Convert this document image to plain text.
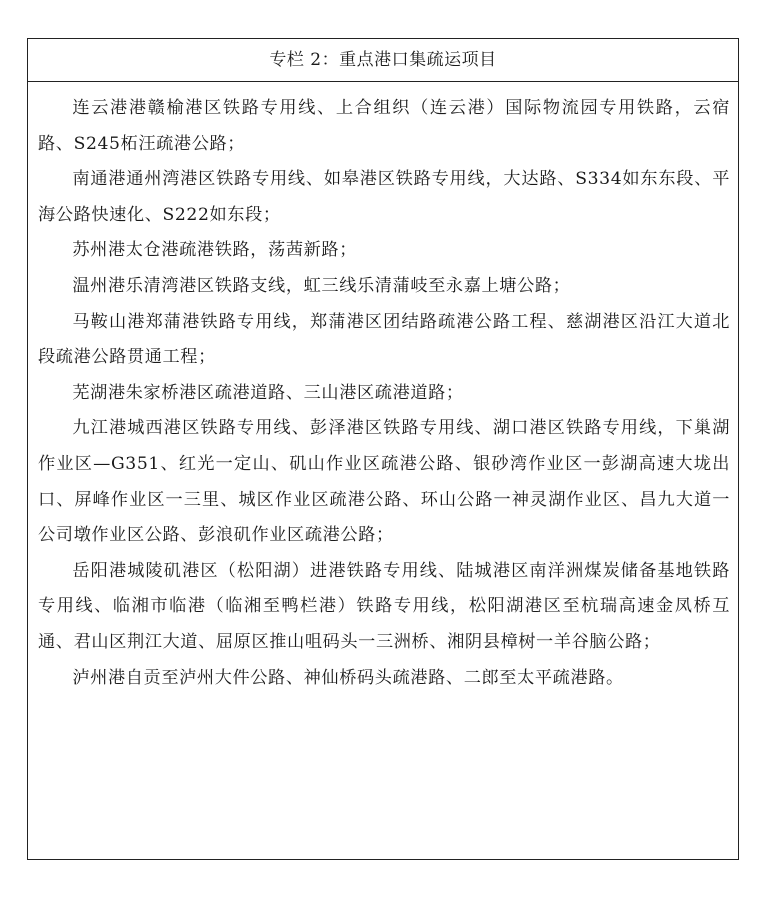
专栏 2：重点港口集疏运项目

连云港港赣榆港区铁路专用线、上合组织（连云港）国际物流园专用铁路，云宿路、S245柘汪疏港公路；

南通港通州湾港区铁路专用线、如皋港区铁路专用线，大达路、S334如东东段、平海公路快速化、S222如东段；

苏州港太仓港疏港铁路，荡茜新路；

温州港乐清湾港区铁路支线，虹三线乐清蒲岐至永嘉上塘公路；

马鞍山港郑蒲港铁路专用线，郑蒲港区团结路疏港公路工程、慈湖港区沿江大道北段疏港公路贯通工程；

芜湖港朱家桥港区疏港道路、三山港区疏港道路；

九江港城西港区铁路专用线、彭泽港区铁路专用线、湖口港区铁路专用线，下巢湖作业区—G351、红光一定山、矶山作业区疏港公路、银砂湾作业区一彭湖高速大垅出口、屏峰作业区一三里、城区作业区疏港公路、环山公路一神灵湖作业区、昌九大道一公司墩作业区公路、彭浪矶作业区疏港公路；

岳阳港城陵矶港区（松阳湖）进港铁路专用线、陆城港区南洋洲煤炭储备基地铁路专用线、临湘市临港（临湘至鸭栏港）铁路专用线，松阳湖港区至杭瑞高速金凤桥互通、君山区荆江大道、屈原区推山咀码头一三洲桥、湘阴县樟树一羊谷脑公路；

泸州港自贡至泸州大件公路、神仙桥码头疏港路、二郎至太平疏港路。
